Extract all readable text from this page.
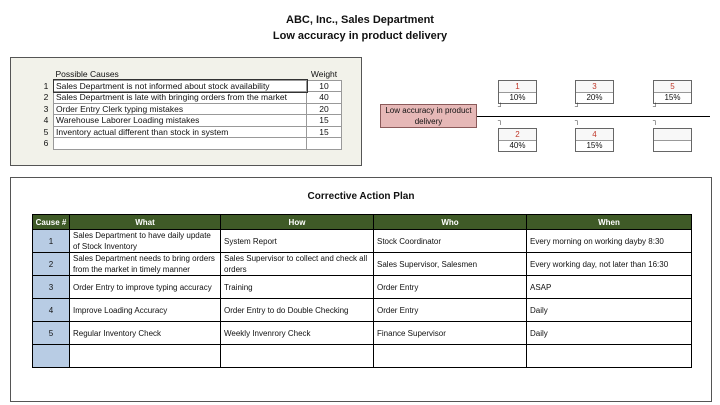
ABC, Inc., Sales Department
Low accuracy in product delivery
	Possible Causes	Weight
1	Sales Department is not informed about stock availability	10
2	Sales Department is late with bringing orders from the market	40
3	Order Entry Clerk typing mistakes	20
4	Warehouse Laborer Loading mistakes	15
5	Inventory actual different than stock in system	15
6		
1
10%
3
20%
5
15%
┘	┘	┘
Low accuracy in product delivery	┐	┐	┐
2
40%
4
15%
Corrective Action Plan
Cause #	What	How	Who	When
1	Sales Department to have daily update of Stock Inventory	System Report	Stock Coordinator	Every morning on working dayby 8:30
2	Sales Department needs to bring orders from the market in timely manner	Sales Supervisor to collect and check all orders	Sales Supervisor, Salesmen	Every working day, not later than 16:30
3	Order Entry to improve typing accuracy	Training	Order Entry	ASAP
4	Improve Loading Accuracy	Order Entry to do Double Checking	Order Entry	Daily
5	Regular Inventory Check	Weekly Invenrory Check	Finance Supervisor	Daily
